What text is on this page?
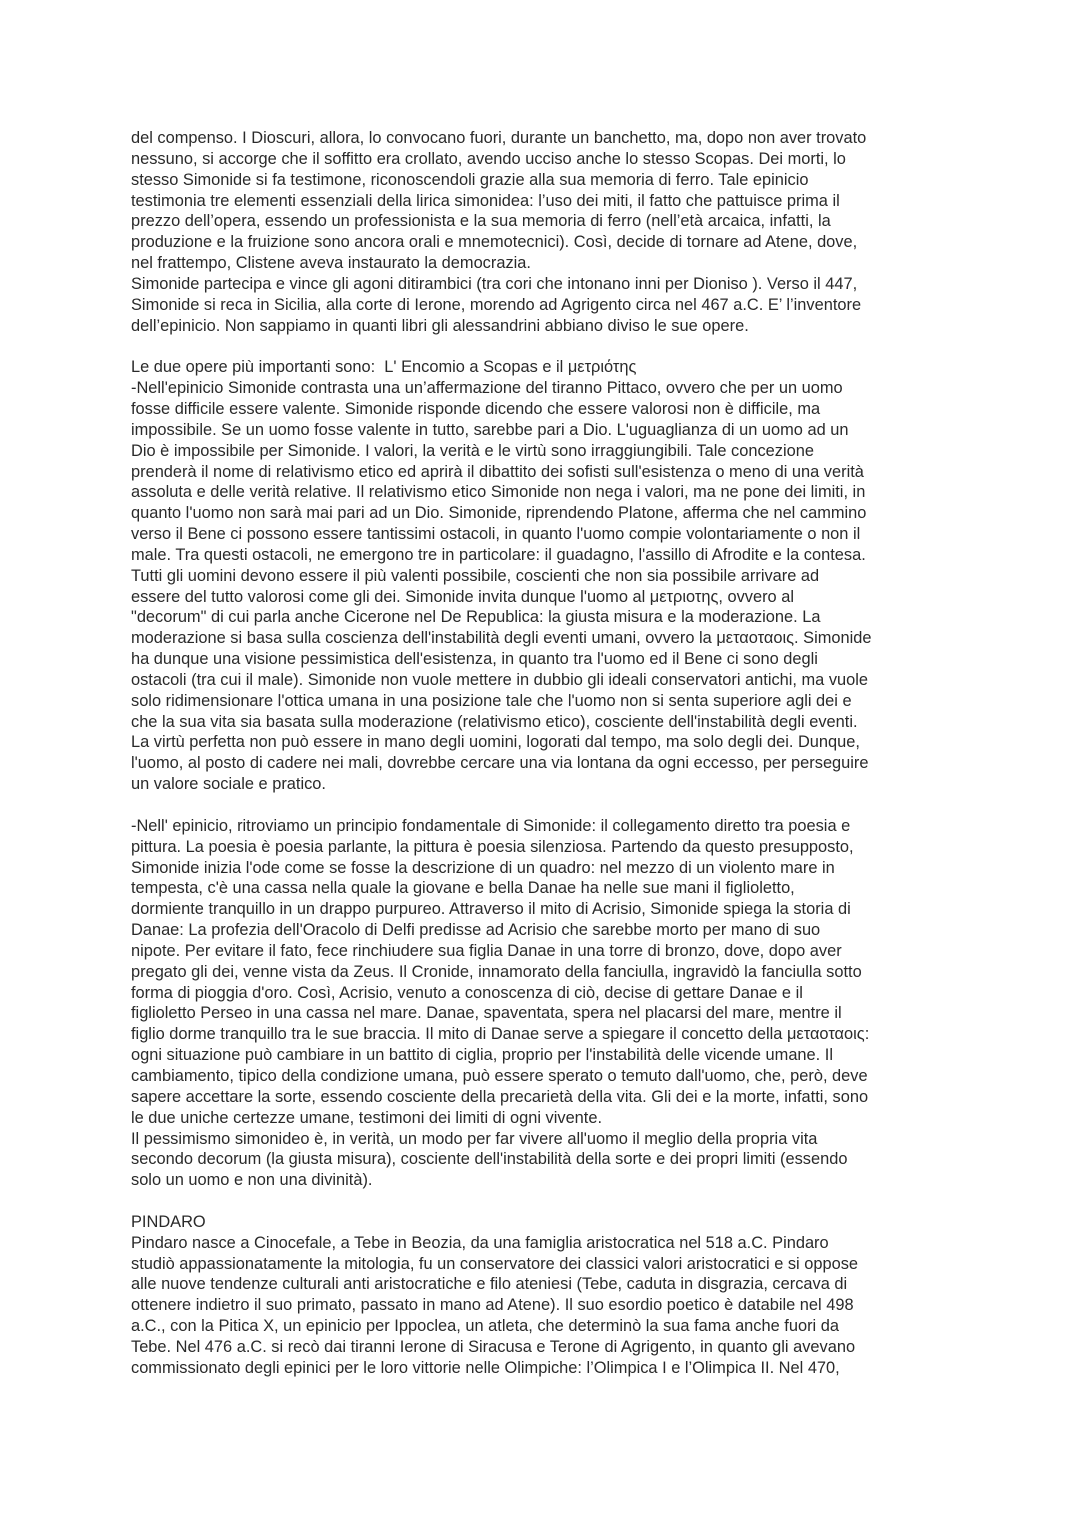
del compenso. I Dioscuri, allora, lo convocano fuori, durante un banchetto, ma, dopo non aver trovato

nessuno, si accorge che il soffitto era crollato, avendo ucciso anche lo stesso Scopas. Dei morti, lo

stesso Simonide si fa testimone, riconoscendoli grazie alla sua memoria di ferro. Tale epinicio

testimonia tre elementi essenziali della lirica simonidea: l’uso dei miti, il fatto che pattuisce prima il

prezzo dell’opera, essendo un professionista e la sua memoria di ferro (nell’età arcaica, infatti, la

produzione e la fruizione sono ancora orali e mnemotecnici). Così, decide di tornare ad Atene, dove,

nel frattempo, Clistene aveva instaurato la democrazia.

Simonide partecipa e vince gli agoni ditirambici (tra cori che intonano inni per Dioniso ). Verso il 447,

Simonide si reca in Sicilia, alla corte di Ierone, morendo ad Agrigento circa nel 467 a.C. E’ l’inventore

dell’epinicio. Non sappiamo in quanti libri gli alessandrini abbiano diviso le sue opere.

Le due opere più importanti sono:  L' Encomio a Scopas e il μετριότης

-Nell'epinicio Simonide contrasta una un’affermazione del tiranno Pittaco, ovvero che per un uomo

fosse difficile essere valente. Simonide risponde dicendo che essere valorosi non è difficile, ma

impossibile. Se un uomo fosse valente in tutto, sarebbe pari a Dio. L'uguaglianza di un uomo ad un

Dio è impossibile per Simonide. I valori, la verità e le virtù sono irraggiungibili. Tale concezione

prenderà il nome di relativismo etico ed aprirà il dibattito dei sofisti sull'esistenza o meno di una verità

assoluta e delle verità relative. Il relativismo etico Simonide non nega i valori, ma ne pone dei limiti, in

quanto l'uomo non sarà mai pari ad un Dio. Simonide, riprendendo Platone, afferma che nel cammino

verso il Bene ci possono essere tantissimi ostacoli, in quanto l'uomo compie volontariamente o non il

male. Tra questi ostacoli, ne emergono tre in particolare: il guadagno, l'assillo di Afrodite e la contesa.

Tutti gli uomini devono essere il più valenti possibile, coscienti che non sia possibile arrivare ad

essere del tutto valorosi come gli dei. Simonide invita dunque l'uomo al μετριοτης, ovvero al

"decorum" di cui parla anche Cicerone nel De Republica: la giusta misura e la moderazione. La

moderazione si basa sulla coscienza dell'instabilità degli eventi umani, ovvero la μεταοταοις. Simonide

ha dunque una visione pessimistica dell'esistenza, in quanto tra l'uomo ed il Bene ci sono degli

ostacoli (tra cui il male). Simonide non vuole mettere in dubbio gli ideali conservatori antichi, ma vuole

solo ridimensionare l'ottica umana in una posizione tale che l'uomo non si senta superiore agli dei e

che la sua vita sia basata sulla moderazione (relativismo etico), cosciente dell'instabilità degli eventi.

La virtù perfetta non può essere in mano degli uomini, logorati dal tempo, ma solo degli dei. Dunque,

l'uomo, al posto di cadere nei mali, dovrebbe cercare una via lontana da ogni eccesso, per perseguire

un valore sociale e pratico.

-Nell' epinicio, ritroviamo un principio fondamentale di Simonide: il collegamento diretto tra poesia e

pittura. La poesia è poesia parlante, la pittura è poesia silenziosa. Partendo da questo presupposto,

Simonide inizia l'ode come se fosse la descrizione di un quadro: nel mezzo di un violento mare in

tempesta, c'è una cassa nella quale la giovane e bella Danae ha nelle sue mani il figlioletto,

dormiente tranquillo in un drappo purpureo. Attraverso il mito di Acrisio, Simonide spiega la storia di

Danae: La profezia dell'Oracolo di Delfi predisse ad Acrisio che sarebbe morto per mano di suo

nipote. Per evitare il fato, fece rinchiudere sua figlia Danae in una torre di bronzo, dove, dopo aver

pregato gli dei, venne vista da Zeus. Il Cronide, innamorato della fanciulla, ingravidò la fanciulla sotto

forma di pioggia d'oro. Così, Acrisio, venuto a conoscenza di ciò, decise di gettare Danae e il

figlioletto Perseo in una cassa nel mare. Danae, spaventata, spera nel placarsi del mare, mentre il

figlio dorme tranquillo tra le sue braccia. Il mito di Danae serve a spiegare il concetto della μεταοταοις:

ogni situazione può cambiare in un battito di ciglia, proprio per l'instabilità delle vicende umane. Il

cambiamento, tipico della condizione umana, può essere sperato o temuto dall'uomo, che, però, deve

sapere accettare la sorte, essendo cosciente della precarietà della vita. Gli dei e la morte, infatti, sono

le due uniche certezze umane, testimoni dei limiti di ogni vivente.

Il pessimismo simonideo è, in verità, un modo per far vivere all'uomo il meglio della propria vita

secondo decorum (la giusta misura), cosciente dell'instabilità della sorte e dei propri limiti (essendo

solo un uomo e non una divinità).

PINDARO

Pindaro nasce a Cinocefale, a Tebe in Beozia, da una famiglia aristocratica nel 518 a.C. Pindaro

studiò appassionatamente la mitologia, fu un conservatore dei classici valori aristocratici e si oppose

alle nuove tendenze culturali anti aristocratiche e filo ateniesi (Tebe, caduta in disgrazia, cercava di

ottenere indietro il suo primato, passato in mano ad Atene). Il suo esordio poetico è databile nel 498

a.C., con la Pitica X, un epinicio per Ippoclea, un atleta, che determinò la sua fama anche fuori da

Tebe. Nel 476 a.C. si recò dai tiranni Ierone di Siracusa e Terone di Agrigento, in quanto gli avevano

commissionato degli epinici per le loro vittorie nelle Olimpiche: l’Olimpica I e l’Olimpica II. Nel 470,
